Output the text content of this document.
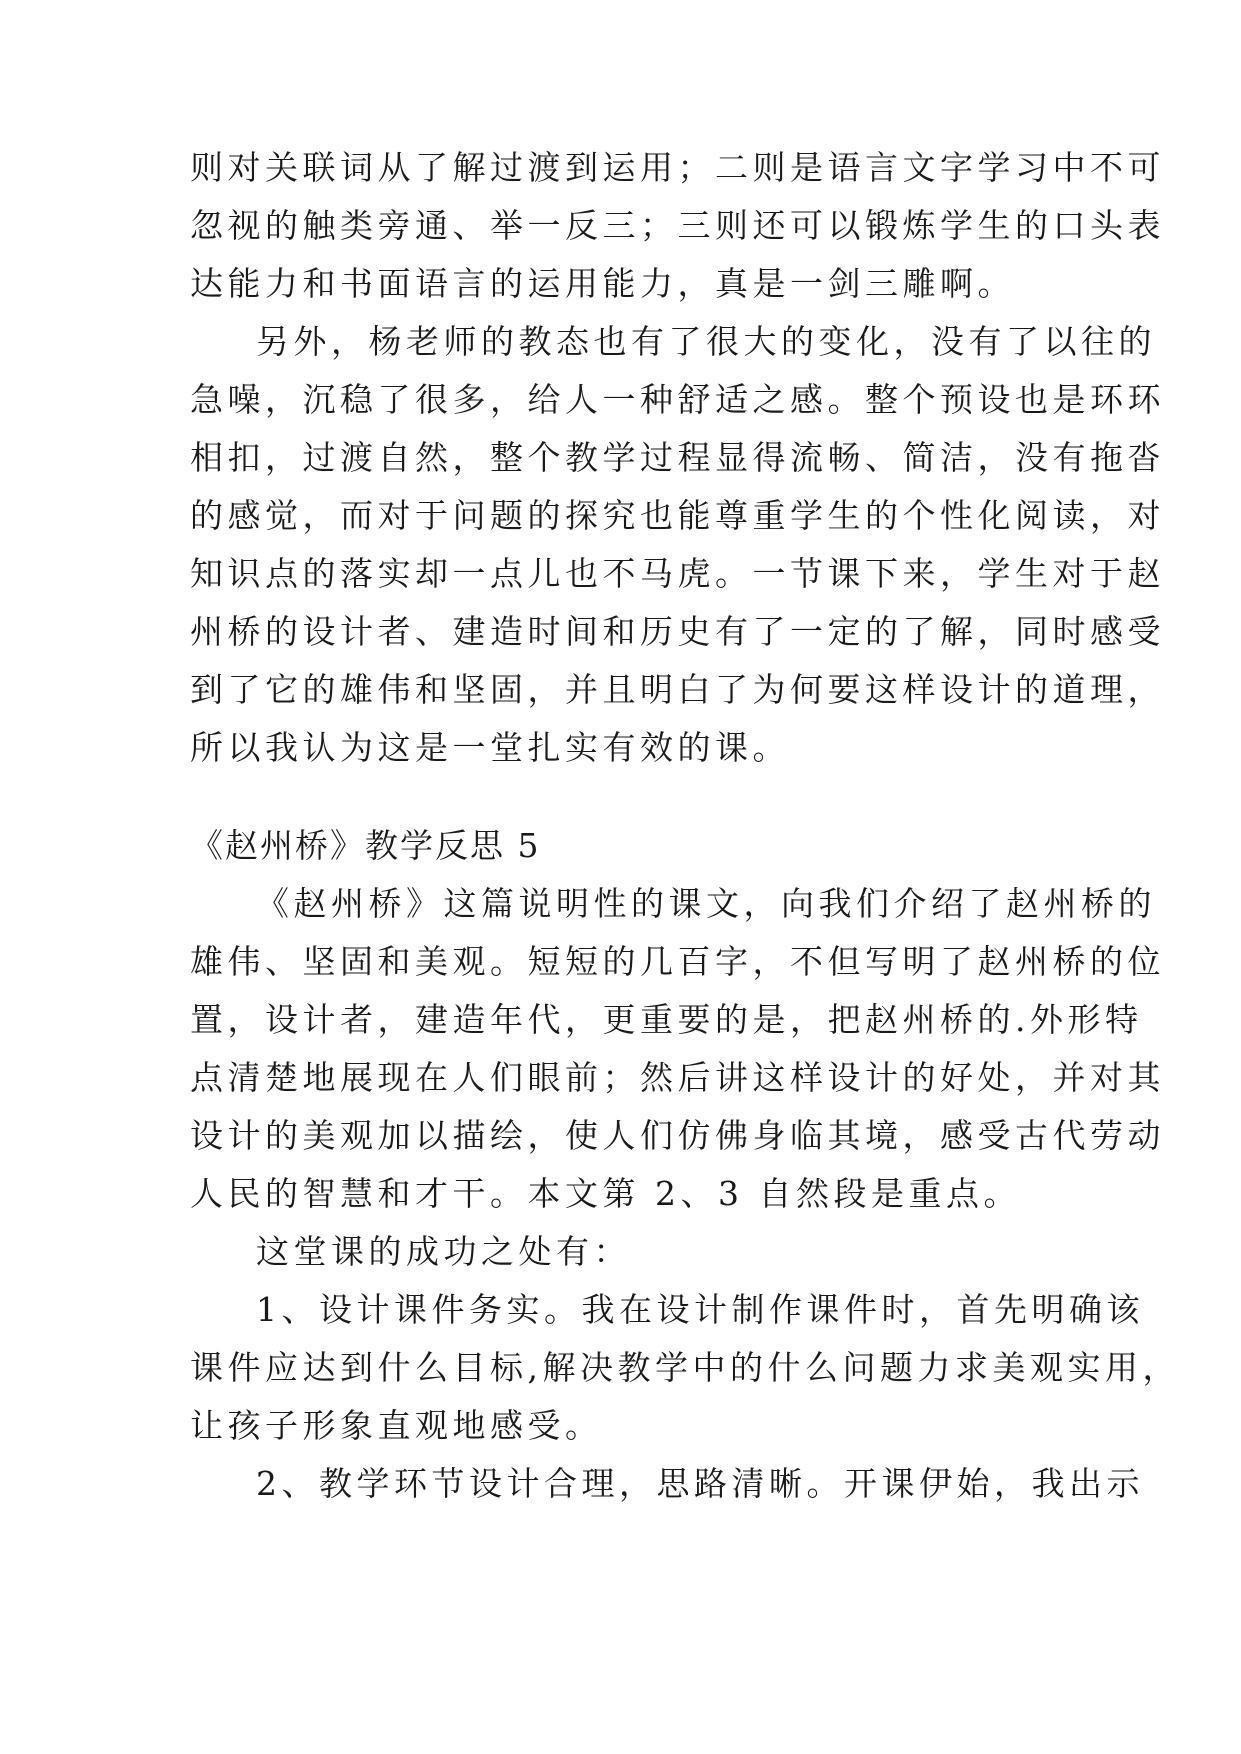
则对关联词从了解过渡到运用；二则是语言文字学习中不可
忽视的触类旁通、举一反三；三则还可以锻炼学生的口头表
达能力和书面语言的运用能力，真是一剑三雕啊。
另外，杨老师的教态也有了很大的变化，没有了以往的
急噪，沉稳了很多，给人一种舒适之感。整个预设也是环环
相扣，过渡自然，整个教学过程显得流畅、简洁，没有拖沓
的感觉，而对于问题的探究也能尊重学生的个性化阅读，对
知识点的落实却一点儿也不马虎。一节课下来，学生对于赵
州桥的设计者、建造时间和历史有了一定的了解，同时感受
到了它的雄伟和坚固，并且明白了为何要这样设计的道理，
所以我认为这是一堂扎实有效的课。
《赵州桥》教学反思 5
《赵州桥》这篇说明性的课文，向我们介绍了赵州桥的
雄伟、坚固和美观。短短的几百字，不但写明了赵州桥的位
置，设计者，建造年代，更重要的是，把赵州桥的.外形特
点清楚地展现在人们眼前；然后讲这样设计的好处，并对其
设计的美观加以描绘，使人们仿佛身临其境，感受古代劳动
人民的智慧和才干。本文第 2、3 自然段是重点。
这堂课的成功之处有：
1、设计课件务实。我在设计制作课件时，首先明确该
课件应达到什么目标,解决教学中的什么问题力求美观实用，
让孩子形象直观地感受。
2、教学环节设计合理，思路清晰。开课伊始，我出示
